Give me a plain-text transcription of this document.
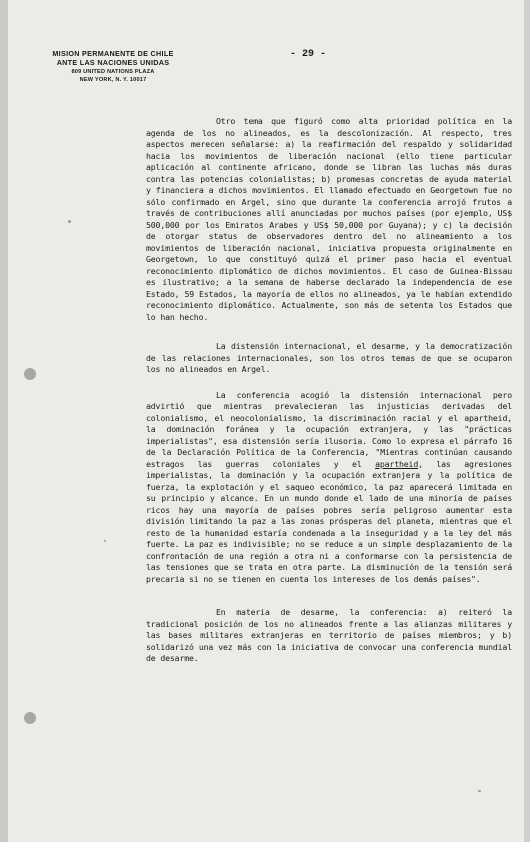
MISION PERMANENTE DE CHILE
ANTE LAS NACIONES UNIDAS
809 UNITED NATIONS PLAZA
NEW YORK, N. Y. 10017
- 29 -

Otro tema que figuró como alta prioridad política en la agenda de los no alineados, es la descolonización. Al respecto, tres aspectos merecen señalarse: a) la reafirmación del respaldo y solidaridad hacia los movimientos de liberación nacional (ello tiene particular aplicación al continente africano, donde se libran las luchas más duras contra las potencias colonialistas; b) promesas concretas de ayuda material y financiera a dichos movimientos. El llamado efectuado en Georgetown fue no sólo confirmado en Argel, sino que durante la conferencia arrojó frutos a través de contribuciones allí anunciadas por muchos países (por ejemplo, US$ 500,000 por los Emiratos Arabes y US$ 50,000 por Guyana); y c) la decisión de otorgar status de observadores dentro del no alineamiento a los movimientos de liberación nacional, iniciativa propuesta originalmente en Georgetown, lo que constituyó quizá el primer paso hacia el eventual reconocimiento diplomático de dichos movimientos. El caso de Guinea-Bissau es ilustrativo; a la semana de haberse declarado la independencia de ese Estado, 59 Estados, la mayoría de ellos no alineados, ya le habían extendido reconocimiento diplomático. Actualmente, son más de setenta los Estados que lo han hecho.

La distensión internacional, el desarme, y la democratización de las relaciones internacionales, son los otros temas de que se ocuparon los no alineados en Argel.

La conferencia acogió la distensión internacional pero advirtió que mientras prevalecieran las injusticias derivadas del colonialismo, el neocolonialismo, la discriminación racial y el apartheid, la dominación foránea y la ocupación extranjera, y las "prácticas imperialistas", esa distensión sería ilusoria. Como lo expresa el párrafo 16 de la Declaración Política de la Conferencia, "Mientras continúan causando estragos las guerras coloniales y el apartheid, las agresiones imperialistas, la dominación y la ocupación extranjera y la política de fuerza, la explotación y el saqueo económico, la paz aparecerá limitada en su principio y alcance. En un mundo donde el lado de una minoría de países ricos hay una mayoría de países pobres sería peligroso aumentar esta división limitando la paz a las zonas prósperas del planeta, mientras que el resto de la humanidad estaría condenada a la inseguridad y a la ley del más fuerte. La paz es indivisible; no se reduce a un simple desplazamiento de la confrontación de una región a otra ni a conformarse con la persistencia de las tensiones que se trata en otra parte. La disminución de la tensión será precaria si no se tienen en cuenta los intereses de los demás países".

En materia de desarme, la conferencia: a) reiteró la tradicional posición de los no alineados frente a las alianzas militares y las bases militares extranjeras en territorio de países miembros; y b) solidarizó una vez más con la iniciativa de convocar una conferencia mundial de desarme.
